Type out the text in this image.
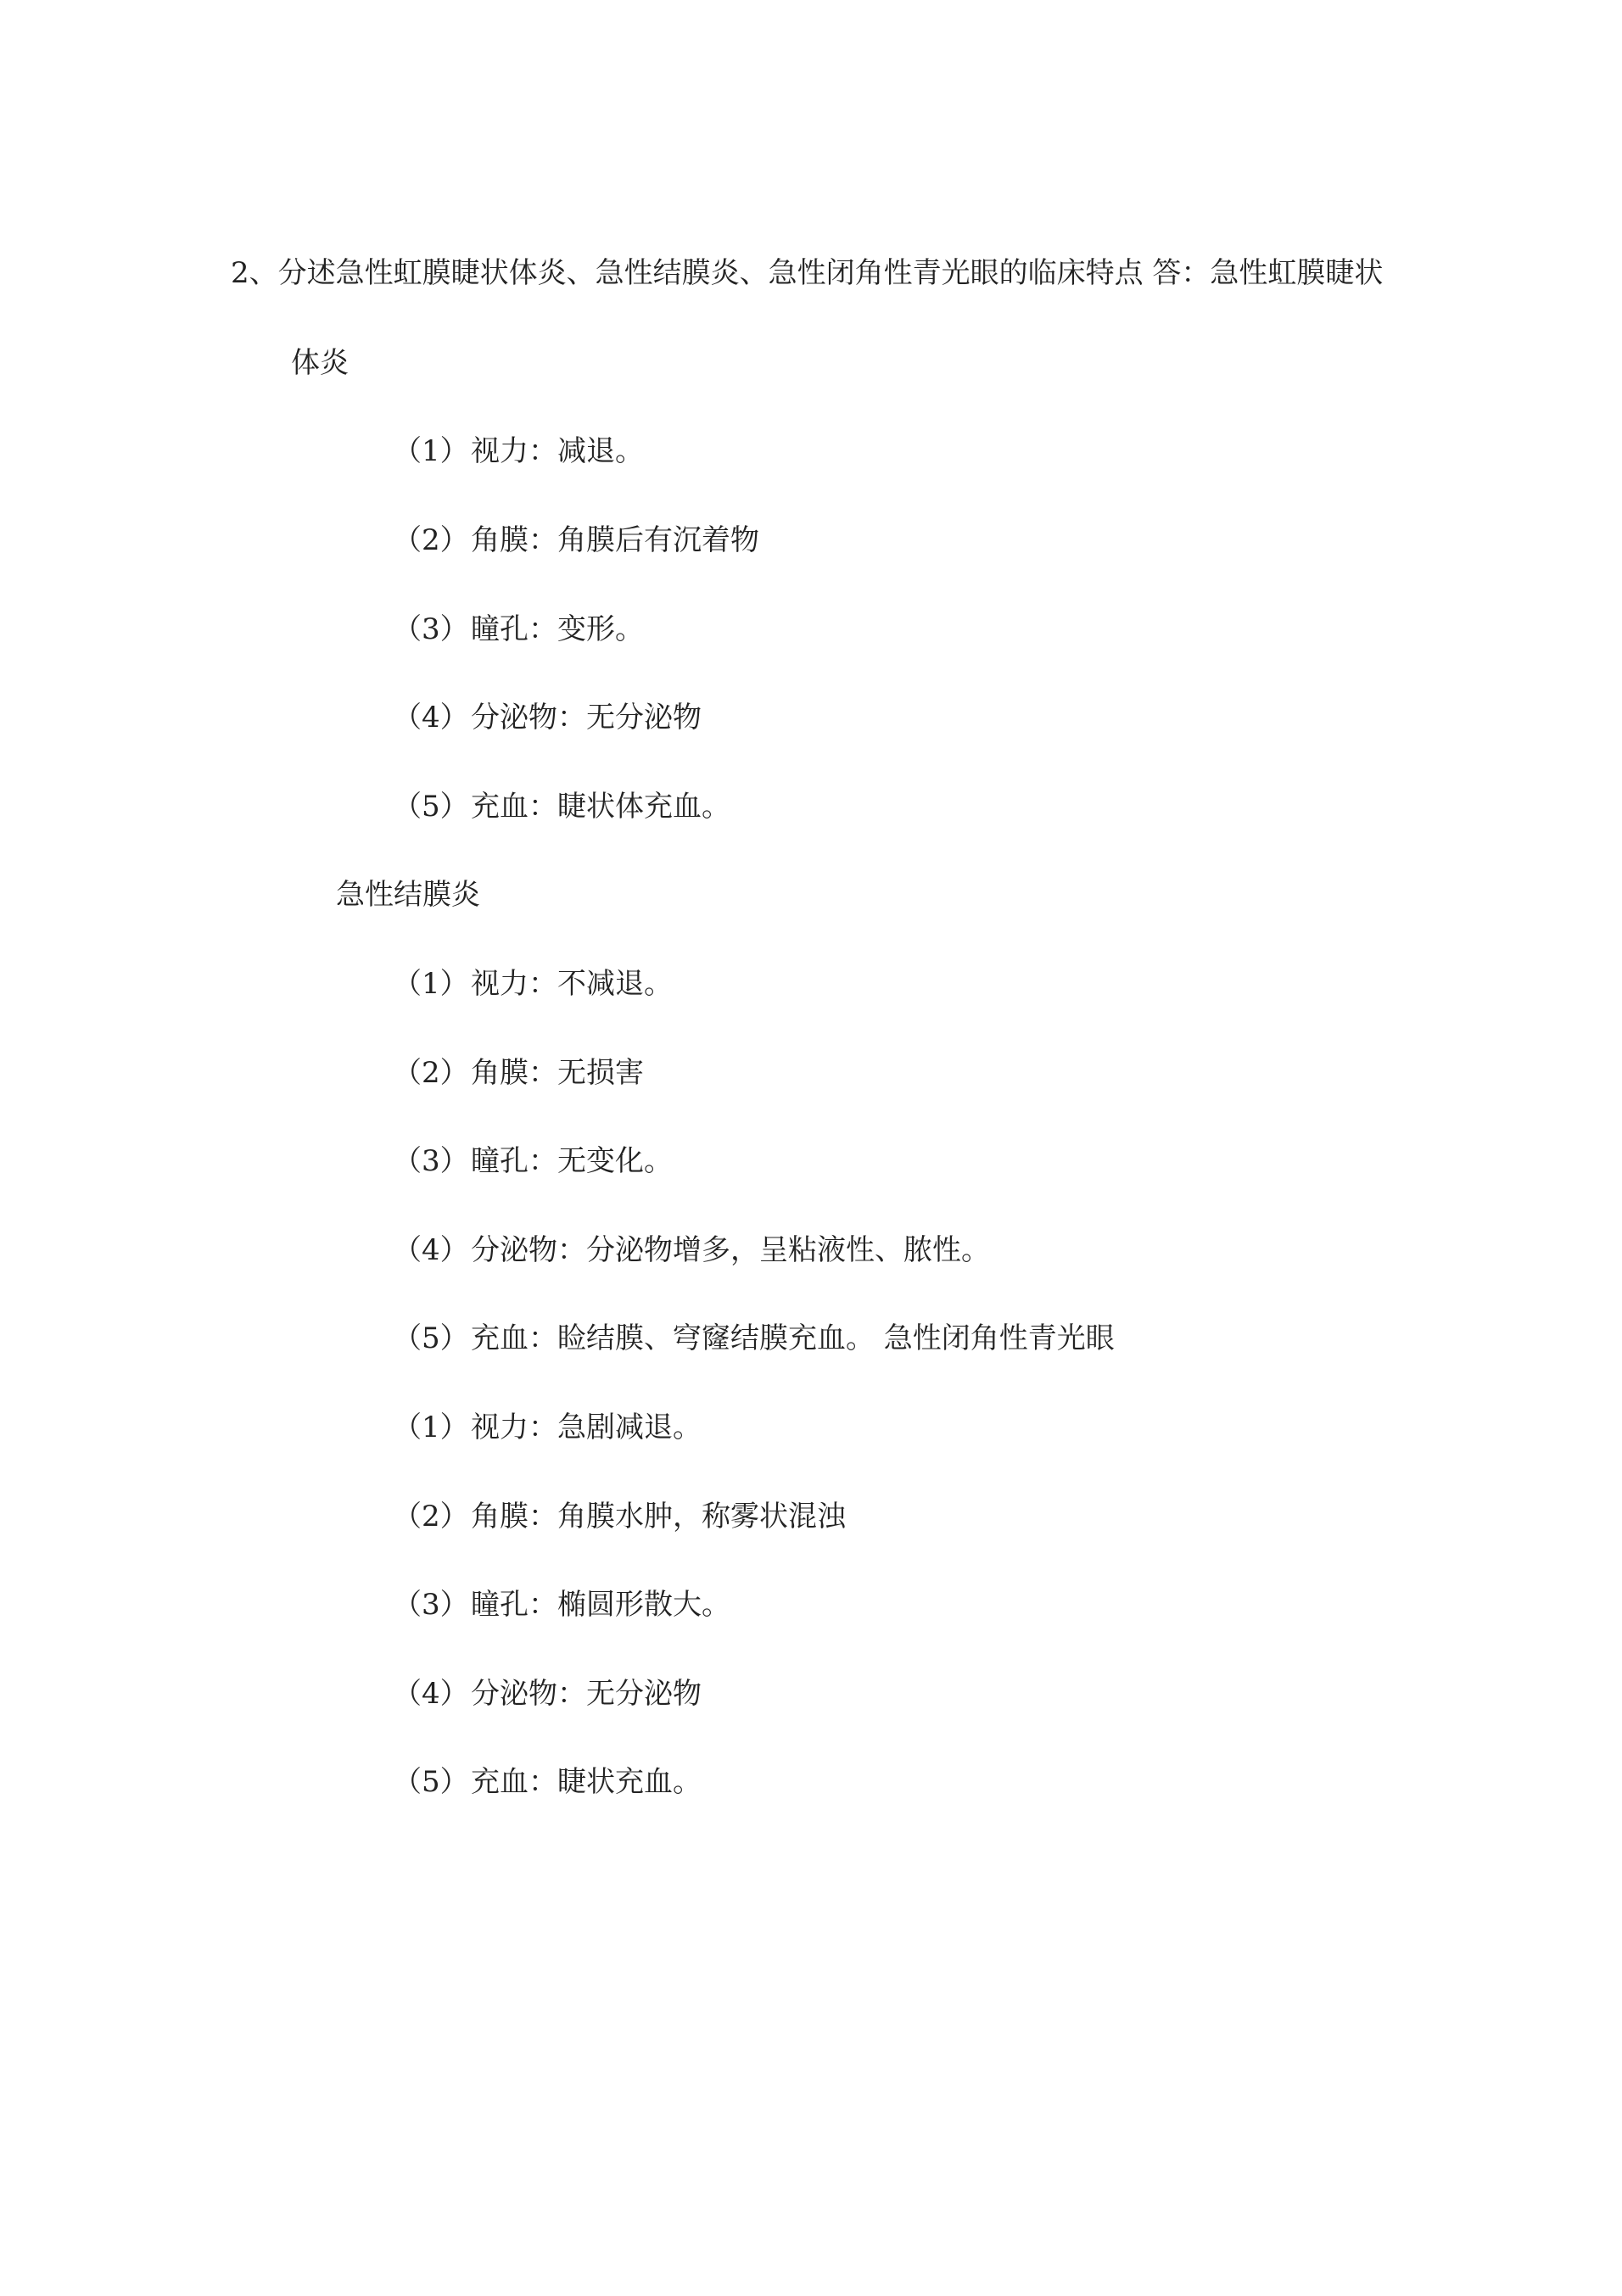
2、分述急性虹膜睫状体炎、急性结膜炎、急性闭角性青光眼的临床特点 答：急性虹膜睫状
体炎
（1）视力：减退。
（2）角膜：角膜后有沉着物
（3）瞳孔：变形。
（4）分泌物：无分泌物
（5）充血：睫状体充血。
急性结膜炎
（1）视力：不减退。
（2）角膜：无损害
（3）瞳孔：无变化。
（4）分泌物：分泌物增多，呈粘液性、脓性。
（5）充血：睑结膜、穹窿结膜充血。 急性闭角性青光眼
（1）视力：急剧减退。
（2）角膜：角膜水肿，称雾状混浊
（3）瞳孔：椭圆形散大。
（4）分泌物：无分泌物
（5）充血：睫状充血。
